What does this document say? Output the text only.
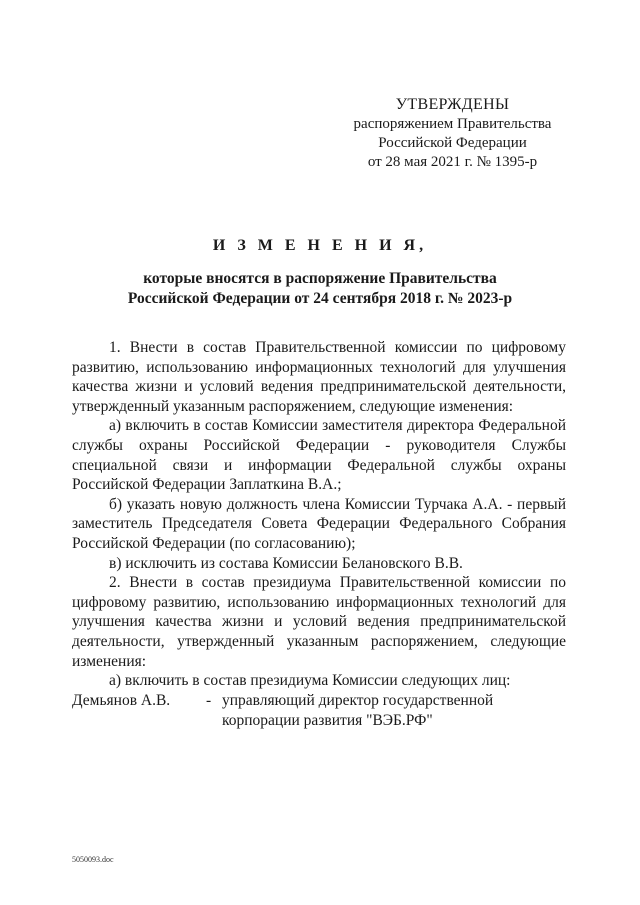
УТВЕРЖДЕНЫ
распоряжением Правительства
Российской Федерации
от 28 мая 2021 г. № 1395-р
И З М Е Н Е Н И Я,
которые вносятся в распоряжение Правительства
Российской Федерации от 24 сентября 2018 г. № 2023-р

1. Внести в состав Правительственной комиссии по цифровому развитию, использованию информационных технологий для улучшения качества жизни и условий ведения предпринимательской деятельности, утвержденный указанным распоряжением, следующие изменения:

а) включить в состав Комиссии заместителя директора Федеральной службы охраны Российской Федерации - руководителя Службы специальной связи и информации Федеральной службы охраны Российской Федерации Заплаткина В.А.;

б) указать новую должность члена Комиссии Турчака А.А. - первый заместитель Председателя Совета Федерации Федерального Собрания Российской Федерации (по согласованию);

в) исключить из состава Комиссии Белановского В.В.

2. Внести в состав президиума Правительственной комиссии по цифровому развитию, использованию информационных технологий для улучшения качества жизни и условий ведения предпринимательской деятельности, утвержденный указанным распоряжением, следующие изменения:

а) включить в состав президиума Комиссии следующих лиц:

Демьянов А.В. - управляющий директор государственной
корпорации развития "ВЭБ.РФ"
5050093.doc
